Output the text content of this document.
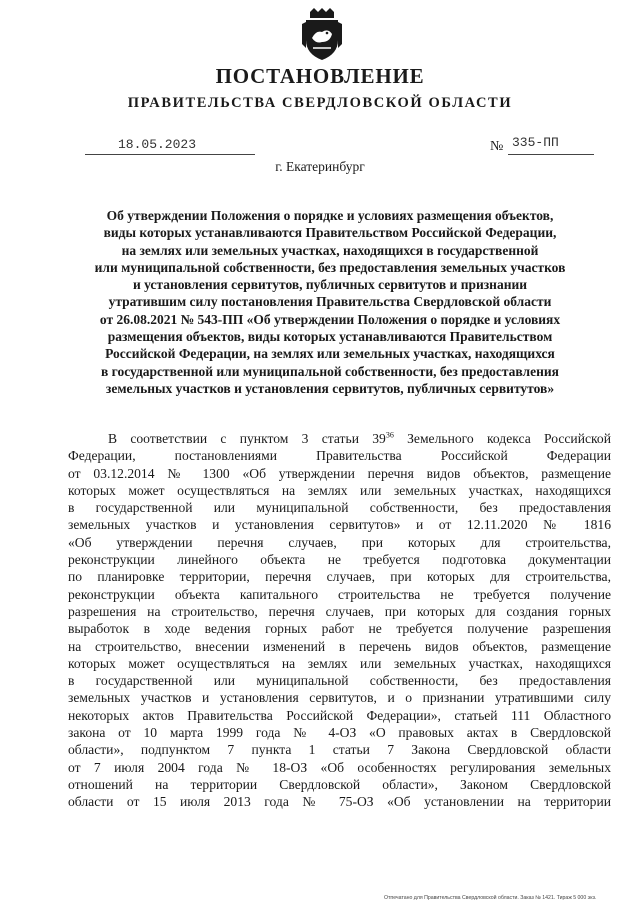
ПОСТАНОВЛЕНИЕ
ПРАВИТЕЛЬСТВА СВЕРДЛОВСКОЙ ОБЛАСТИ
18.05.2023	№ 335-ПП
г. Екатеринбург
Об утверждении Положения о порядке и условиях размещения объектов,
виды которых устанавливаются Правительством Российской Федерации,
на землях или земельных участках, находящихся в государственной
или муниципальной собственности, без предоставления земельных участков
и установления сервитутов, публичных сервитутов и признании
утратившим силу постановления Правительства Свердловской области
от 26.08.2021 № 543-ПП «Об утверждении Положения о порядке и условиях
размещения объектов, виды которых устанавливаются Правительством
Российской Федерации, на землях или земельных участках, находящихся
в государственной или муниципальной собственности, без предоставления
земельных участков и установления сервитутов, публичных сервитутов»
В соответствии с пунктом 3 статьи $39^{36}$ Земельного кодекса Российской
Федерации, постановлениями Правительства Российской Федерации
от 03.12.2014 № 1300 «Об утверждении перечня видов объектов, размещение
которых может осуществляться на землях или земельных участках, находящихся
в государственной или муниципальной собственности, без предоставления
земельных участков и установления сервитутов» и от 12.11.2020 № 1816
«Об утверждении перечня случаев, при которых для строительства,
реконструкции линейного объекта не требуется подготовка документации
по планировке территории, перечня случаев, при которых для строительства,
реконструкции объекта капитального строительства не требуется получение
разрешения на строительство, перечня случаев, при которых для создания горных
выработок в ходе ведения горных работ не требуется получение разрешения
на строительство, внесении изменений в перечень видов объектов, размещение
которых может осуществляться на землях или земельных участках, находящихся
в государственной или муниципальной собственности, без предоставления
земельных участков и установления сервитутов, и о признании утратившими силу
некоторых актов Правительства Российской Федерации», статьей 111 Областного
закона от 10 марта 1999 года № 4-ОЗ «О правовых актах в Свердловской
области», подпунктом 7 пункта 1 статьи 7 Закона Свердловской области
от 7 июля 2004 года № 18-ОЗ «Об особенностях регулирования земельных
отношений на территории Свердловской области», Законом Свердловской
области от 15 июля 2013 года № 75-ОЗ «Об установлении на территории
Отпечатано для Правительства Свердловской области. Заказ № 1421. Тираж 5 000 экз.
